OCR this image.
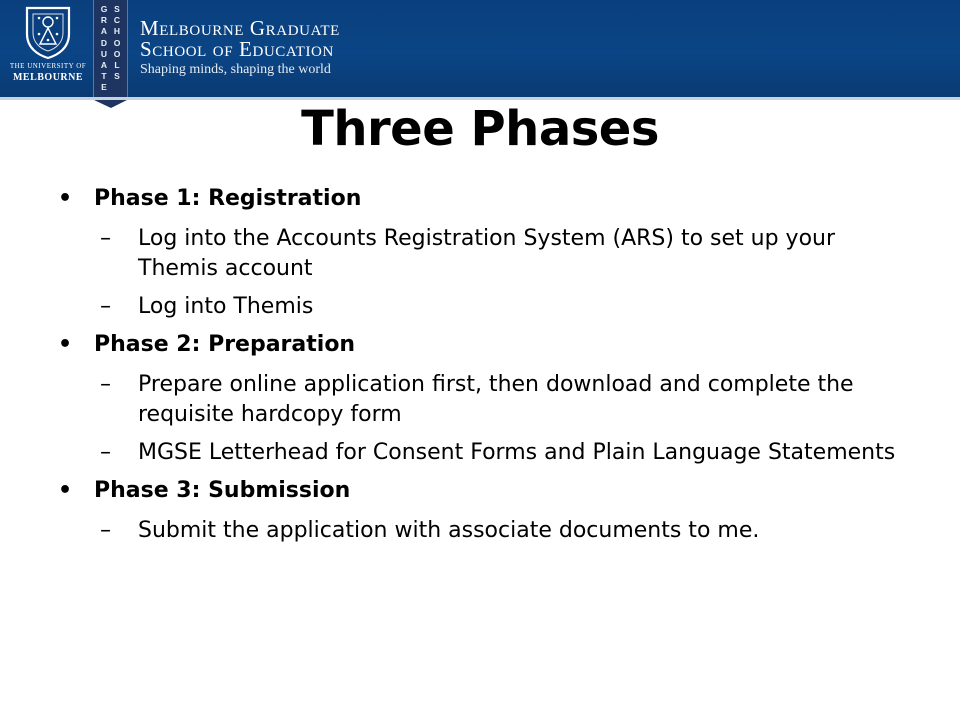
THE UNIVERSITY OF
MELBOURNE
G
R
A
D
U
A
T
E
S
C
H
O
O
L
S
Melbourne Graduate
School of Education
Shaping minds, shaping the world
Three Phases
• Phase 1: Registration
– Log into the Accounts Registration System (ARS) to set up your Themis account
– Log into Themis
• Phase 2: Preparation
– Prepare online application first, then download and complete the requisite hardcopy form
– MGSE Letterhead for Consent Forms and Plain Language Statements
• Phase 3: Submission
– Submit the application with associate documents to me.
